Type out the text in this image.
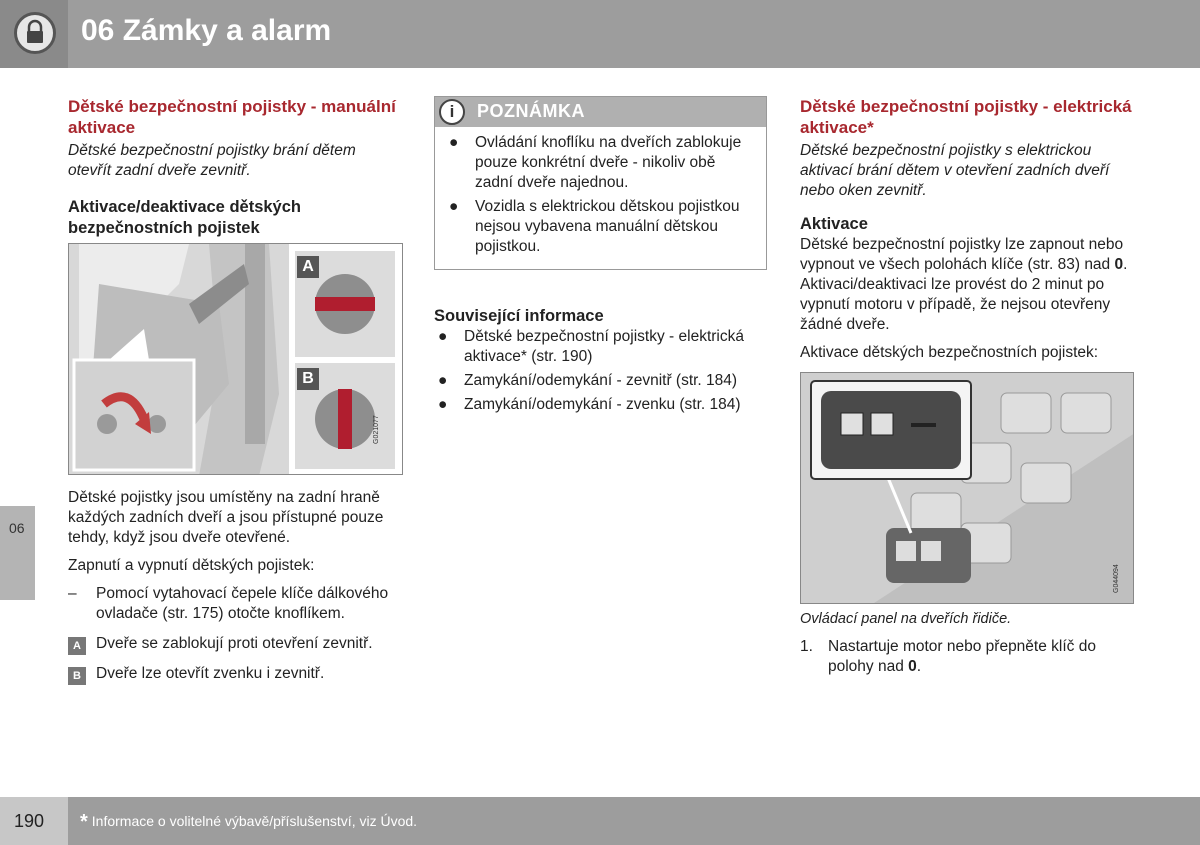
06 Zámky a alarm
06
Dětské bezpečnostní pojistky - manuální aktivace
Dětské bezpečnostní pojistky brání dětem otevřít zadní dveře zevnitř.
Aktivace/deaktivace dětských bezpečnostních pojistek
A
B
G021077
Dětské pojistky jsou umístěny na zadní hraně každých zadních dveří a jsou přístupné pouze tehdy, když jsou dveře otevřené.
Zapnutí a vypnutí dětských pojistek:
– Pomocí vytahovací čepele klíče dálkového ovladače (str. 175) otočte knoflíkem.
A Dveře se zablokují proti otevření zevnitř.
B Dveře lze otevřít zvenku i zevnitř.
i	POZNÁMKA
● Ovládání knoflíku na dveřích zablokuje pouze konkrétní dveře - nikoliv obě zadní dveře najednou.
● Vozidla s elektrickou dětskou pojistkou nejsou vybavena manuální dětskou pojistkou.
Související informace
● Dětské bezpečnostní pojistky - elektrická aktivace* (str. 190)
● Zamykání/odemykání - zevnitř (str. 184)
● Zamykání/odemykání - zvenku (str. 184)
Dětské bezpečnostní pojistky - elektrická aktivace*
Dětské bezpečnostní pojistky s elektrickou aktivací brání dětem v otevření zadních dveří nebo oken zevnitř.
Aktivace
Dětské bezpečnostní pojistky lze zapnout nebo vypnout ve všech polohách klíče (str. 83) nad 0. Aktivaci/deaktivaci lze provést do 2 minut po vypnutí motoru v případě, že nejsou otevřeny žádné dveře.
Aktivace dětských bezpečnostních pojistek:
G044094
Ovládací panel na dveřích řidiče.
1. Nastartuje motor nebo přepněte klíč do polohy nad 0.
190 * Informace o volitelné výbavě/příslušenství, viz Úvod.
